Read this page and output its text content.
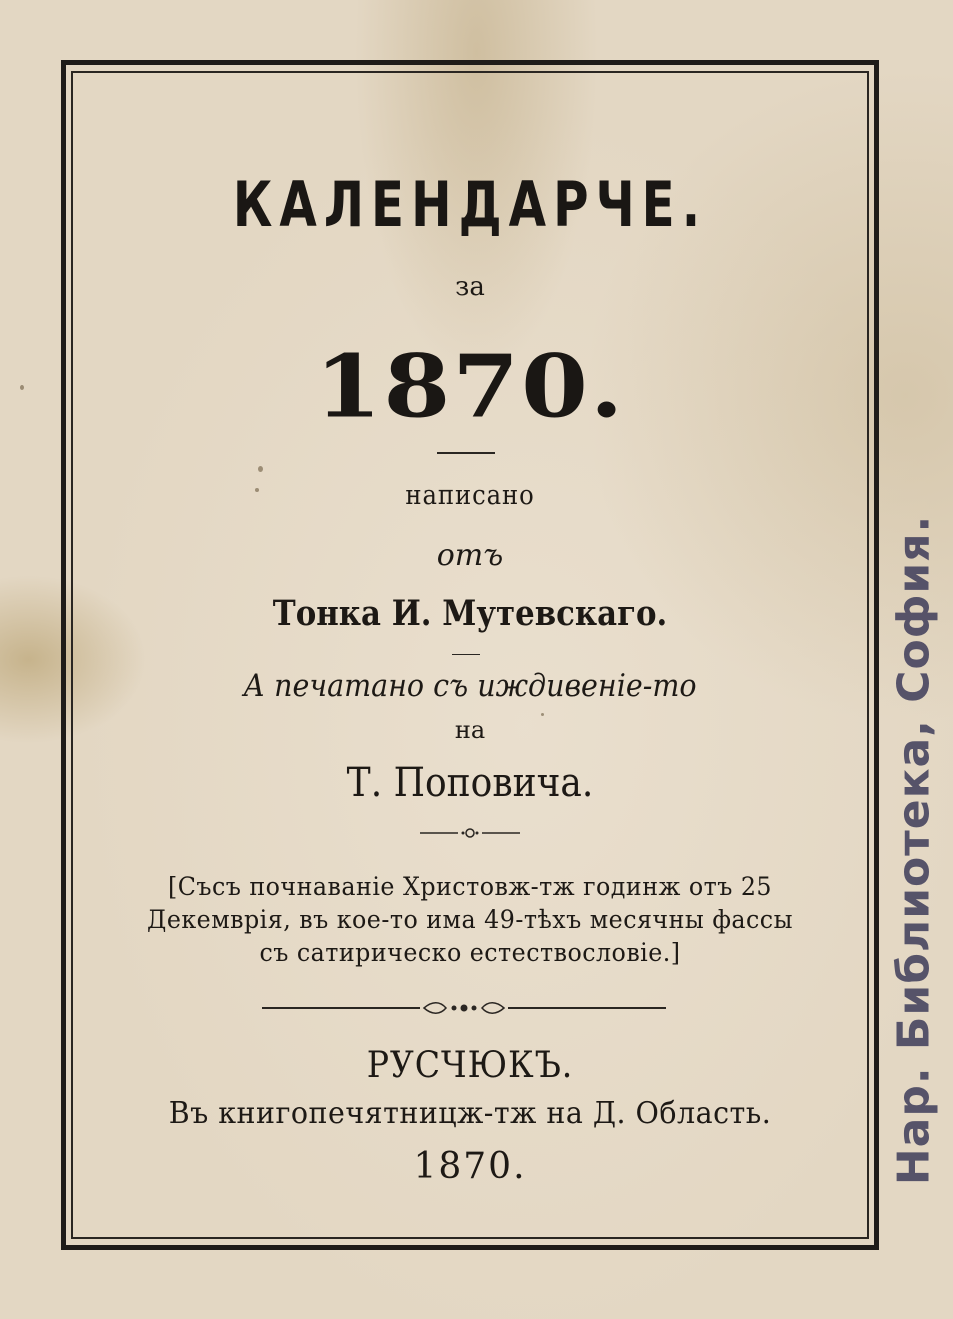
КАЛЕНДАРЧЕ.
за
1870.
написано
отъ
Тонка И. Мутевскаго.
А печатано съ иждивеніе-то
на
Т. Поповича.
[Съсъ почнаваніе Христовж-тж годинж отъ 25
Декемврія, въ кое-то има 49-тѣхъ месячны фассы
съ сатирическо естествословіе.]
РУСЧЮКЪ.
Въ книгопечятницж-тж на Д. Область.
1870.	Нар. Библиотека, София.
